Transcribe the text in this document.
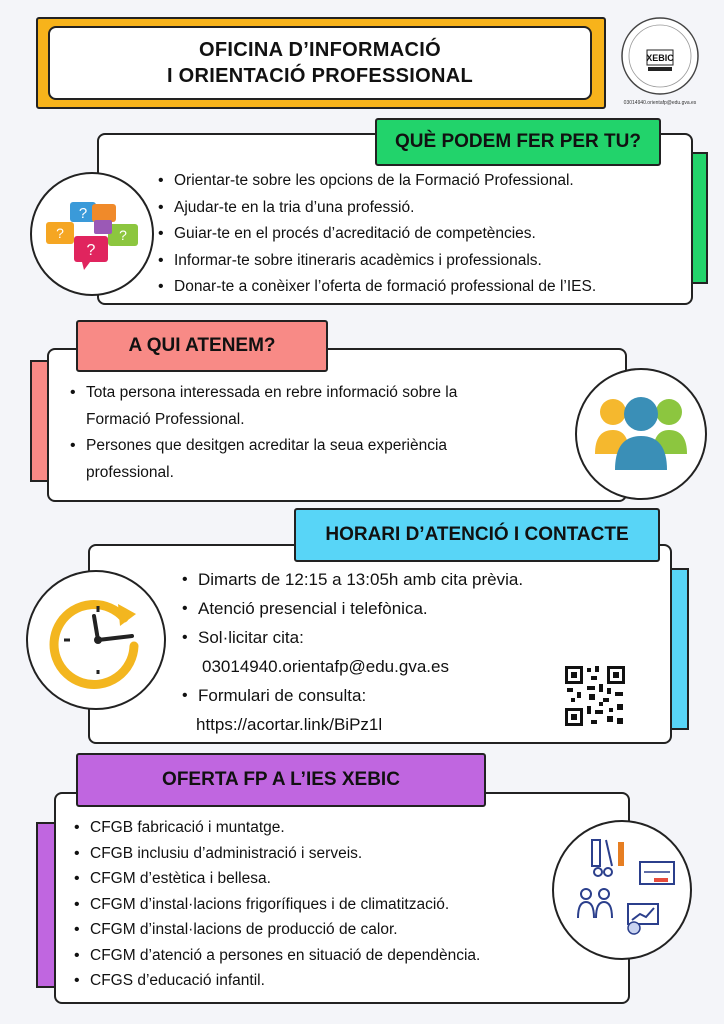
OFICINA D’INFORMACIÓ
I ORIENTACIÓ PROFESSIONAL
XEBIC
03014940.orientafp@edu.gva.es
QUÈ PODEM FER PER TU?
?
?	?
?
• Orientar-te sobre les opcions de la Formació Professional.
• Ajudar-te en la tria d’una professió.
• Guiar-te en el procés d’acreditació de competències.
• Informar-te sobre itineraris acadèmics i professionals.
• Donar-te a conèixer l’oferta de formació professional de l’IES.
A QUI ATENEM?
• Tota persona interessada en rebre informació sobre la
Formació Professional.
• Persones que desitgen acreditar la seua experiència
professional.
HORARI D’ATENCIÓ I CONTACTE
• Dimarts de 12:15 a 13:05h amb cita prèvia.
• Atenció presencial i telefònica.
• Sol·licitar cita:
03014940.orientafp@edu.gva.es
• Formulari de consulta:
https://acortar.link/BiPz1l
OFERTA FP A L’IES XEBIC
• CFGB fabricació i muntatge.
• CFGB inclusiu d’administració i serveis.
• CFGM d’estètica i bellesa.
• CFGM d’instal·lacions frigorífiques i de climatització.
• CFGM d’instal·lacions de producció de calor.
• CFGM d’atenció a persones en situació de dependència.
• CFGS d’educació infantil.
